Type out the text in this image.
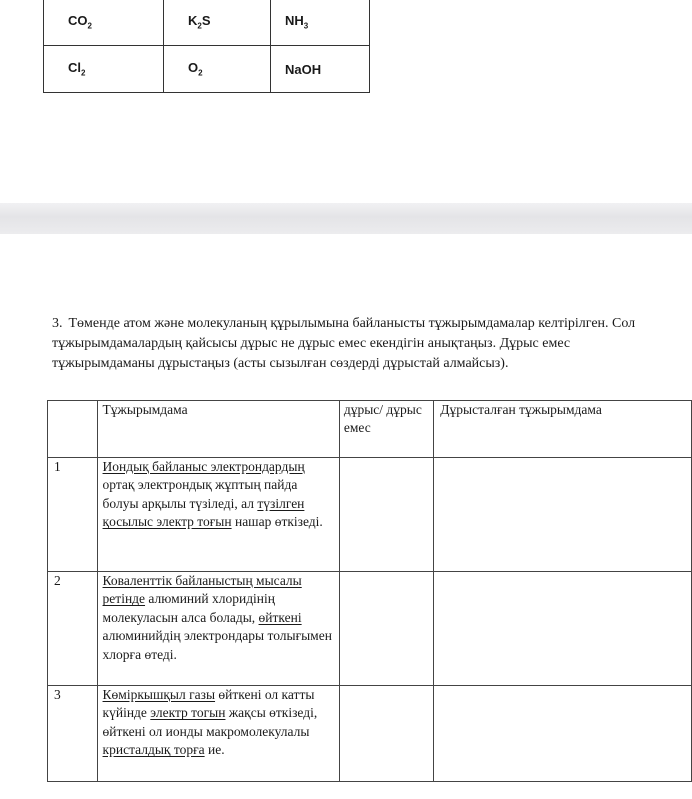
$CO_2$	$K_2S$	$NH_3$
$Cl_2$	$O_2$	NaOH
3. Төменде атом және молекуланың құрылымына байланысты тұжырымдамалар келтірілген. Сол тұжырымдамалардың қайсысы дұрыс не дұрыс емес екендігін анықтаңыз. Дұрыс емес тұжырымдаманы дұрыстаңыз (асты сызылған сөздерді дұрыстай алмайсыз).
	Тұжырымдама	дұрыс/ дұрыс емес	Дұрысталған тұжырымдама
1	Иондық байланыс электрондардың ортақ электрондық жұптың пайда болуы арқылы түзіледі, ал түзілген қосылыс электр тоғын нашар өткізеді.		
2	Коваленттік байланыстың мысалы ретінде алюминий хлоридінің молекуласын алса болады, өйткені алюминийдің электрондары толығымен хлорға өтеді.		
3	Көміркышқыл газы өйткені ол катты күйінде электр тогын жақсы өткізеді, өйткені ол ионды макромолекулалы кристалдық торға ие.		
